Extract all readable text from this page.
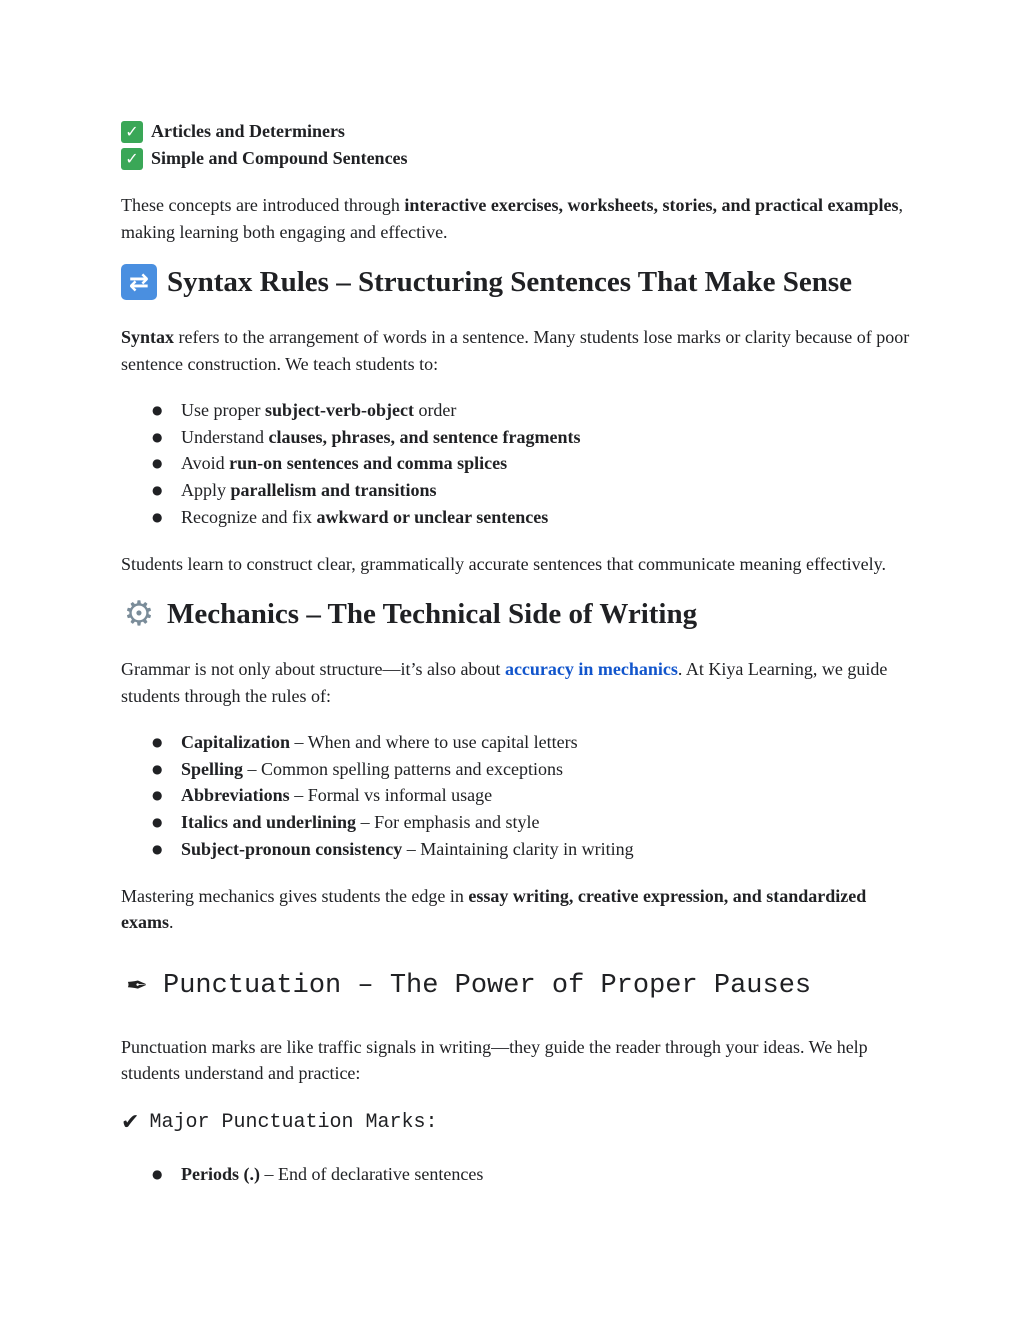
✓ Articles and Determiners
✓ Simple and Compound Sentences

These concepts are introduced through interactive exercises, worksheets, stories, and practical examples, making learning both engaging and effective.

⇄ Syntax Rules – Structuring Sentences That Make Sense

Syntax refers to the arrangement of words in a sentence. Many students lose marks or clarity because of poor sentence construction. We teach students to:

● Use proper subject-verb-object order
● Understand clauses, phrases, and sentence fragments
● Avoid run-on sentences and comma splices
● Apply parallelism and transitions
● Recognize and fix awkward or unclear sentences

Students learn to construct clear, grammatically accurate sentences that communicate meaning effectively.

⚙ Mechanics – The Technical Side of Writing

Grammar is not only about structure—it’s also about accuracy in mechanics. At Kiya Learning, we guide students through the rules of:

● Capitalization – When and where to use capital letters
● Spelling – Common spelling patterns and exceptions
● Abbreviations – Formal vs informal usage
● Italics and underlining – For emphasis and style
● Subject-pronoun consistency – Maintaining clarity in writing

Mastering mechanics gives students the edge in essay writing, creative expression, and standardized exams.

✒ Punctuation – The Power of Proper Pauses

Punctuation marks are like traffic signals in writing—they guide the reader through your ideas. We help students understand and practice:

✔ Major Punctuation Marks:
● Periods (.) – End of declarative sentences
